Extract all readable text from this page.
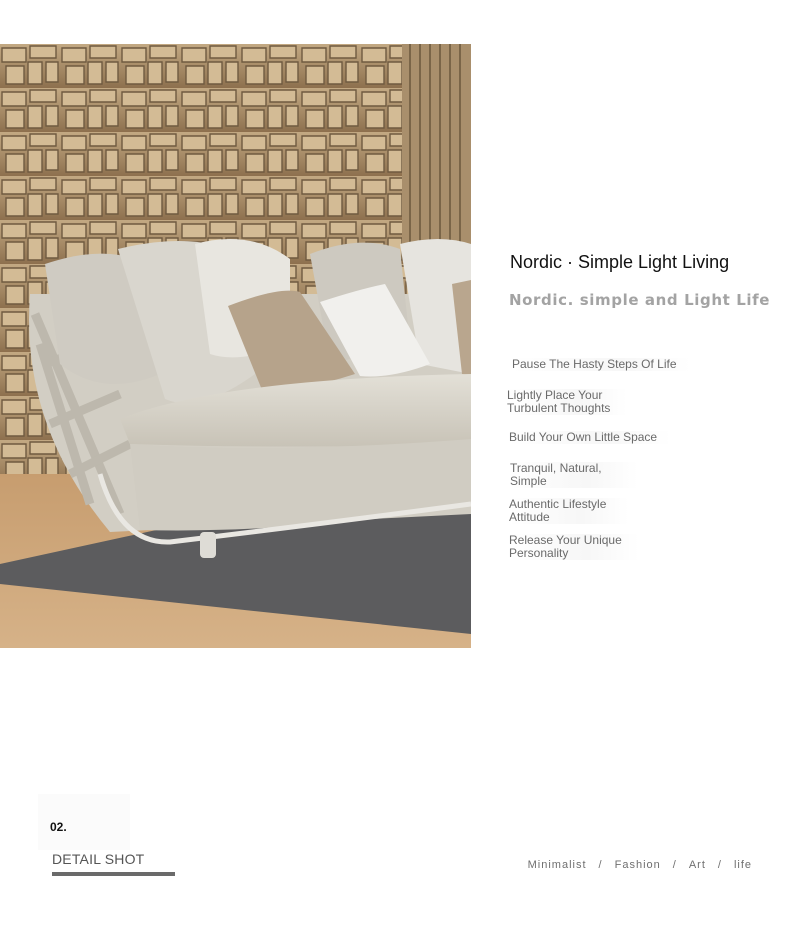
Nordic · Simple Light Living
Nordic. simple and Light Life
Pause The Hasty Steps Of Life
Lightly Place Your Turbulent Thoughts
Build Your Own Little Space
Tranquil, Natural, Simple
Authentic Lifestyle Attitude
Release Your Unique Personality
02.
DETAIL SHOT	Minimalist	/	Fashion	/	Art	/	life
